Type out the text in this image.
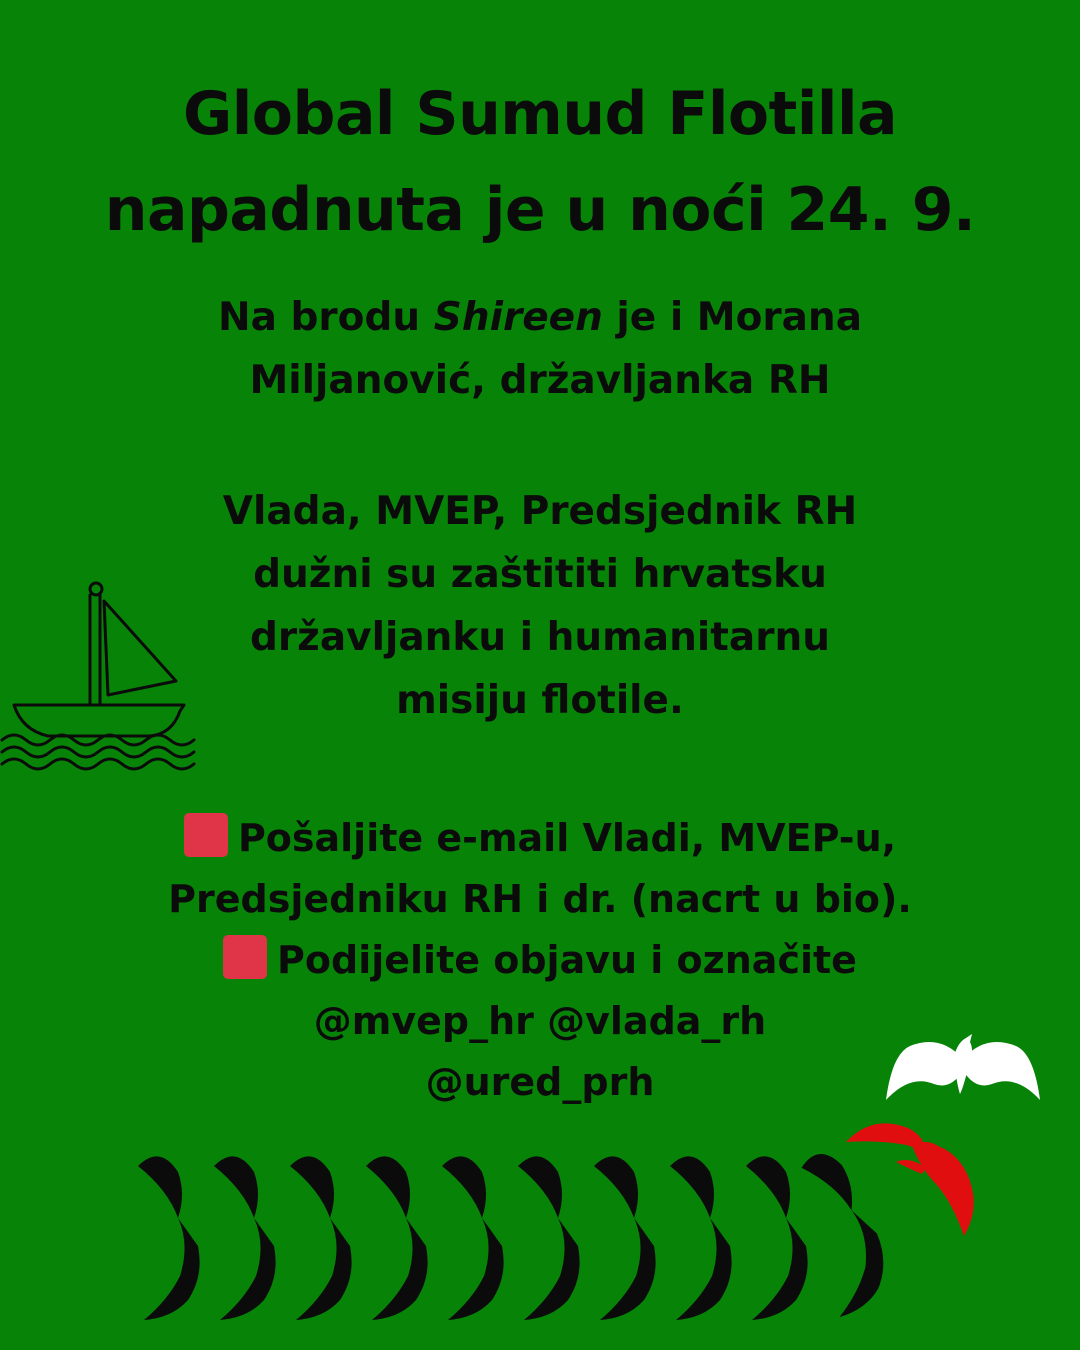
Global Sumud Flotilla
napadnuta je u noći 24. 9.
Na brodu Shireen je i Morana
Miljanović, državljanka RH
Vlada, MVEP, Predsjednik RH
dužni su zaštititi hrvatsku
državljanku i humanitarnu
misiju flotile.
Pošaljite e-mail Vladi, MVEP-u,
Predsjedniku RH i dr. (nacrt u bio).
Podijelite objavu i označite
@mvep_hr @vlada_rh
@ured_prh
